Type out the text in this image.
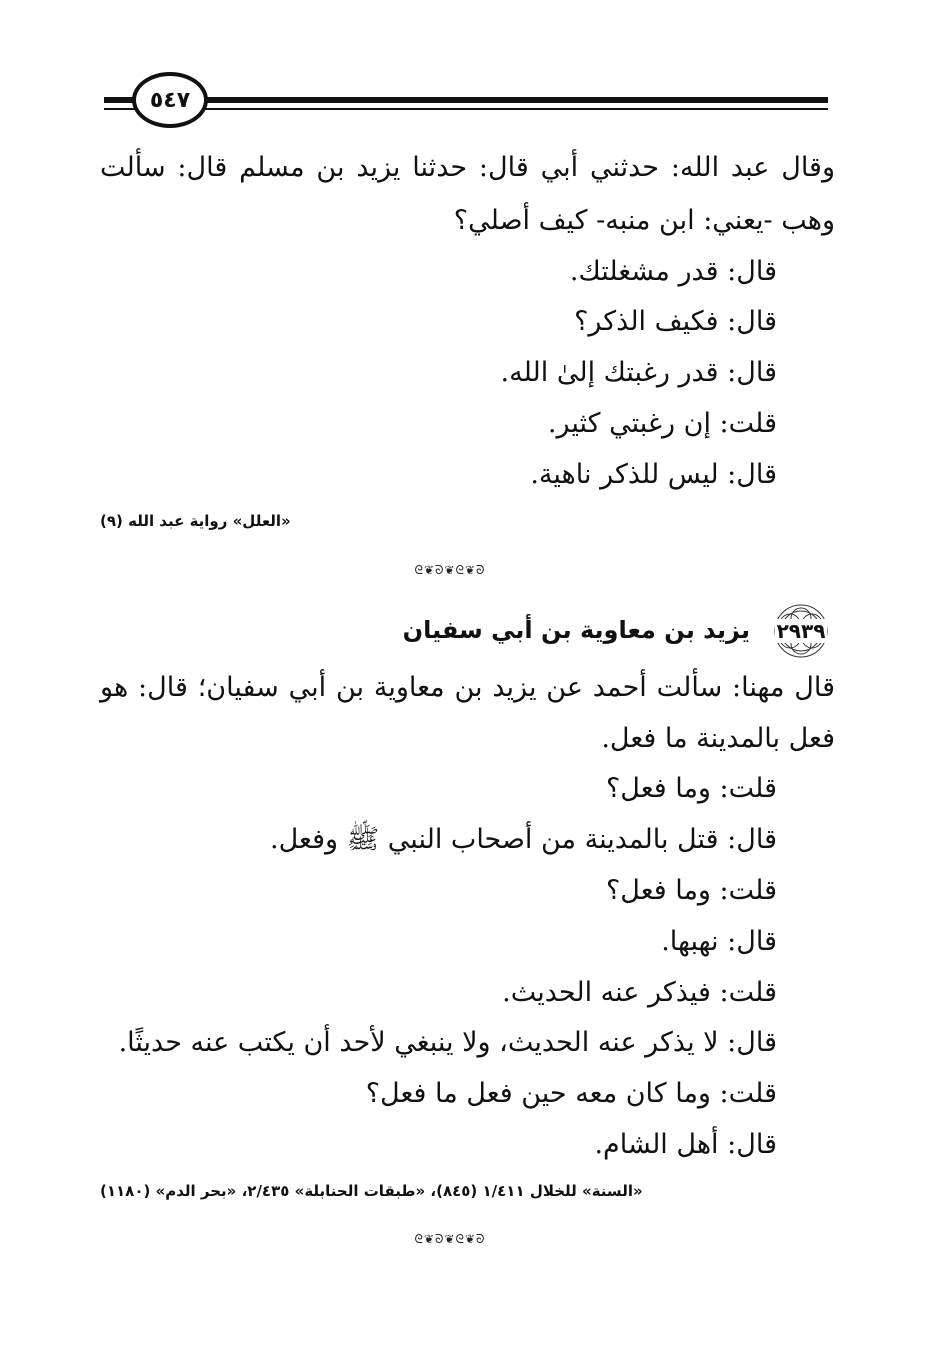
٥٤٧
وقال عبد الله: حدثني أبي قال: حدثنا يزيد بن مسلم قال: سألت
وهب -يعني: ابن منبه- كيف أصلي؟
قال: قدر مشغلتك.
قال: فكيف الذكر؟
قال: قدر رغبتك إلىٰ الله.
قلت: إن رغبتي كثير.
قال: ليس للذكر ناهية.
«العلل» رواية عبد الله (٩)
قال مهنا: سألت أحمد عن يزيد بن معاوية بن أبي سفيان؛ قال: هو
فعل بالمدينة ما فعل.
قلت: وما فعل؟
قال: قتل بالمدينة من أصحاب النبي ﷺ وفعل.
قلت: وما فعل؟
قال: نهبها.
قلت: فيذكر عنه الحديث.
قال: لا يذكر عنه الحديث، ولا ينبغي لأحد أن يكتب عنه حديثًا.
قلت: وما كان معه حين فعل ما فعل؟
قال: أهل الشام.
«السنة» للخلال ١/٤١١ (٨٤٥)، «طبقات الحنابلة» ٢/٤٣٥، «بحر الدم» (١١٨٠)
ᘓ❦ᘐ❦ᘓ❦ᘐ
يزيد بن معاوية بن أبي سفيان ٢٩٣٩
ᘓ❦ᘐ❦ᘓ❦ᘐ
